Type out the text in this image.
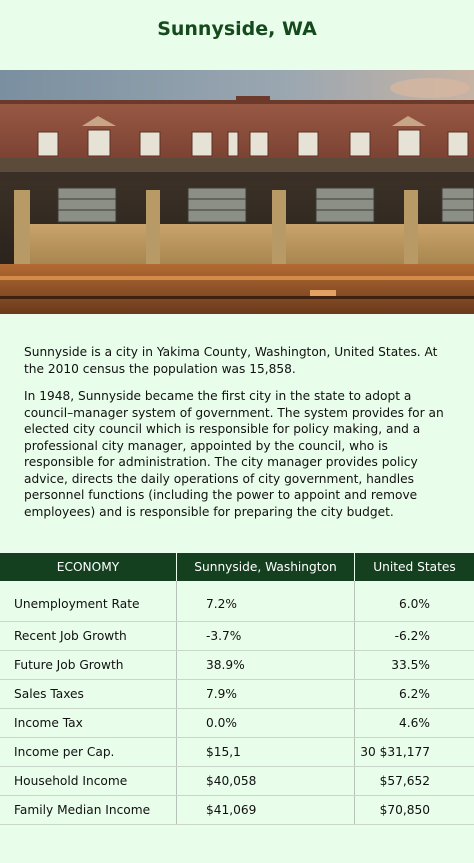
Sunnyside, WA

Sunnyside is a city in Yakima County, Washington, United States. At the 2010 census the population was 15,858.

In 1948, Sunnyside became the first city in the state to adopt a council–manager system of government. The system provides for an elected city council which is responsible for policy making, and a professional city manager, appointed by the council, who is responsible for administration. The city manager provides policy advice, directs the daily operations of city government, handles personnel functions (including the power to appoint and remove employees) and is responsible for preparing the city budget.

ECONOMY	Sunnyside, Washington	United States
Unemployment Rate	7.2%	6.0%
Recent Job Growth	-3.7%	-6.2%
Future Job Growth	38.9%	33.5%
Sales Taxes	7.9%	6.2%
Income Tax	0.0%	4.6%
Income per Cap.	$15,1	30 $31,177
Household Income	$40,058	$57,652
Family Median Income	$41,069	$70,850
